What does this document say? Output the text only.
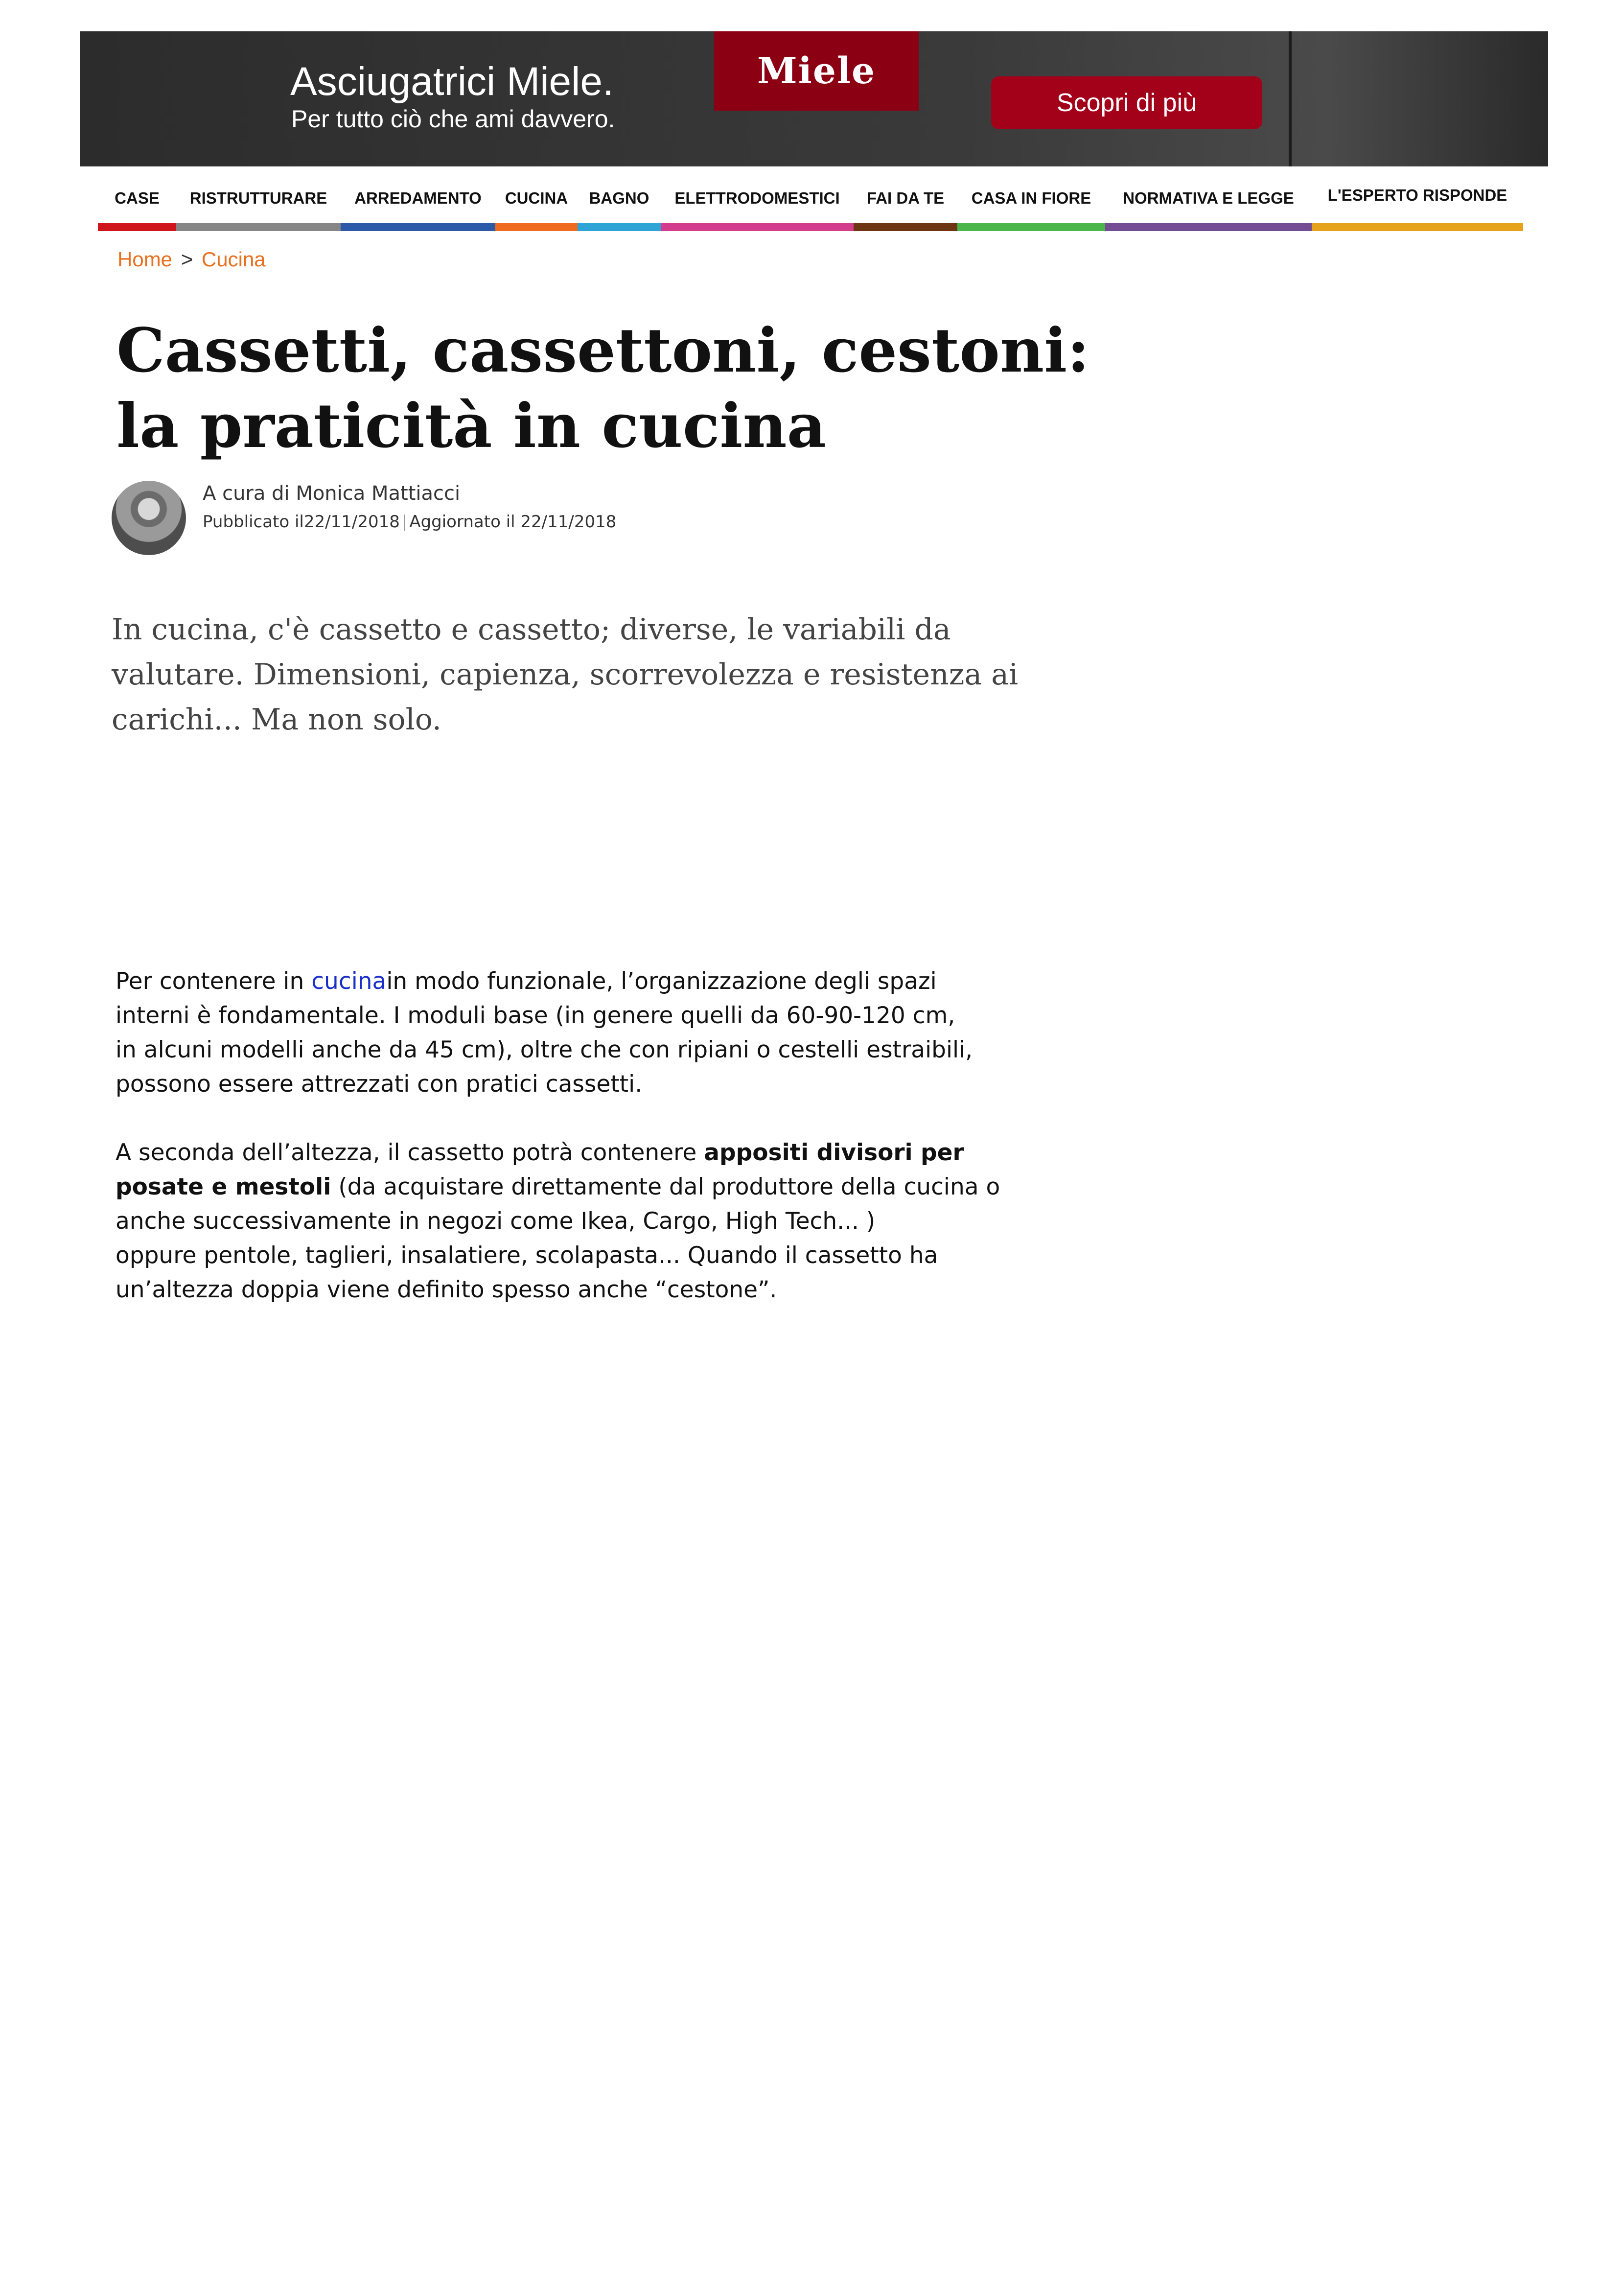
Asciugatrici Miele.
Per tutto ciò che ami davvero.
Miele
Scopri di più
CASE	RISTRUTTURARE	ARREDAMENTO	CUCINA	BAGNO	ELETTRODOMESTICI	FAI DA TE	CASA IN FIORE	NORMATIVA E LEGGE	L'ESPERTO RISPONDE
Home > Cucina
Cassetti, cassettoni, cestoni:
la praticità in cucina
A cura di Monica Mattiacci
Pubblicato il22/11/2018 | Aggiornato il 22/11/2018
In cucina, c'è cassetto e cassetto; diverse, le variabili da
valutare. Dimensioni, capienza, scorrevolezza e resistenza ai
carichi... Ma non solo.
Per contenere in cucinain modo funzionale, l’organizzazione degli spazi
interni è fondamentale. I moduli base (in genere quelli da 60-90-120 cm,
in alcuni modelli anche da 45 cm), oltre che con ripiani o cestelli estraibili,
possono essere attrezzati con pratici cassetti.
A seconda dell’altezza, il cassetto potrà contenere appositi divisori per
posate e mestoli (da acquistare direttamente dal produttore della cucina o
anche successivamente in negozi come Ikea, Cargo, High Tech... )
oppure pentole, taglieri, insalatiere, scolapasta... Quando il cassetto ha
un’altezza doppia viene definito spesso anche “cestone”.
